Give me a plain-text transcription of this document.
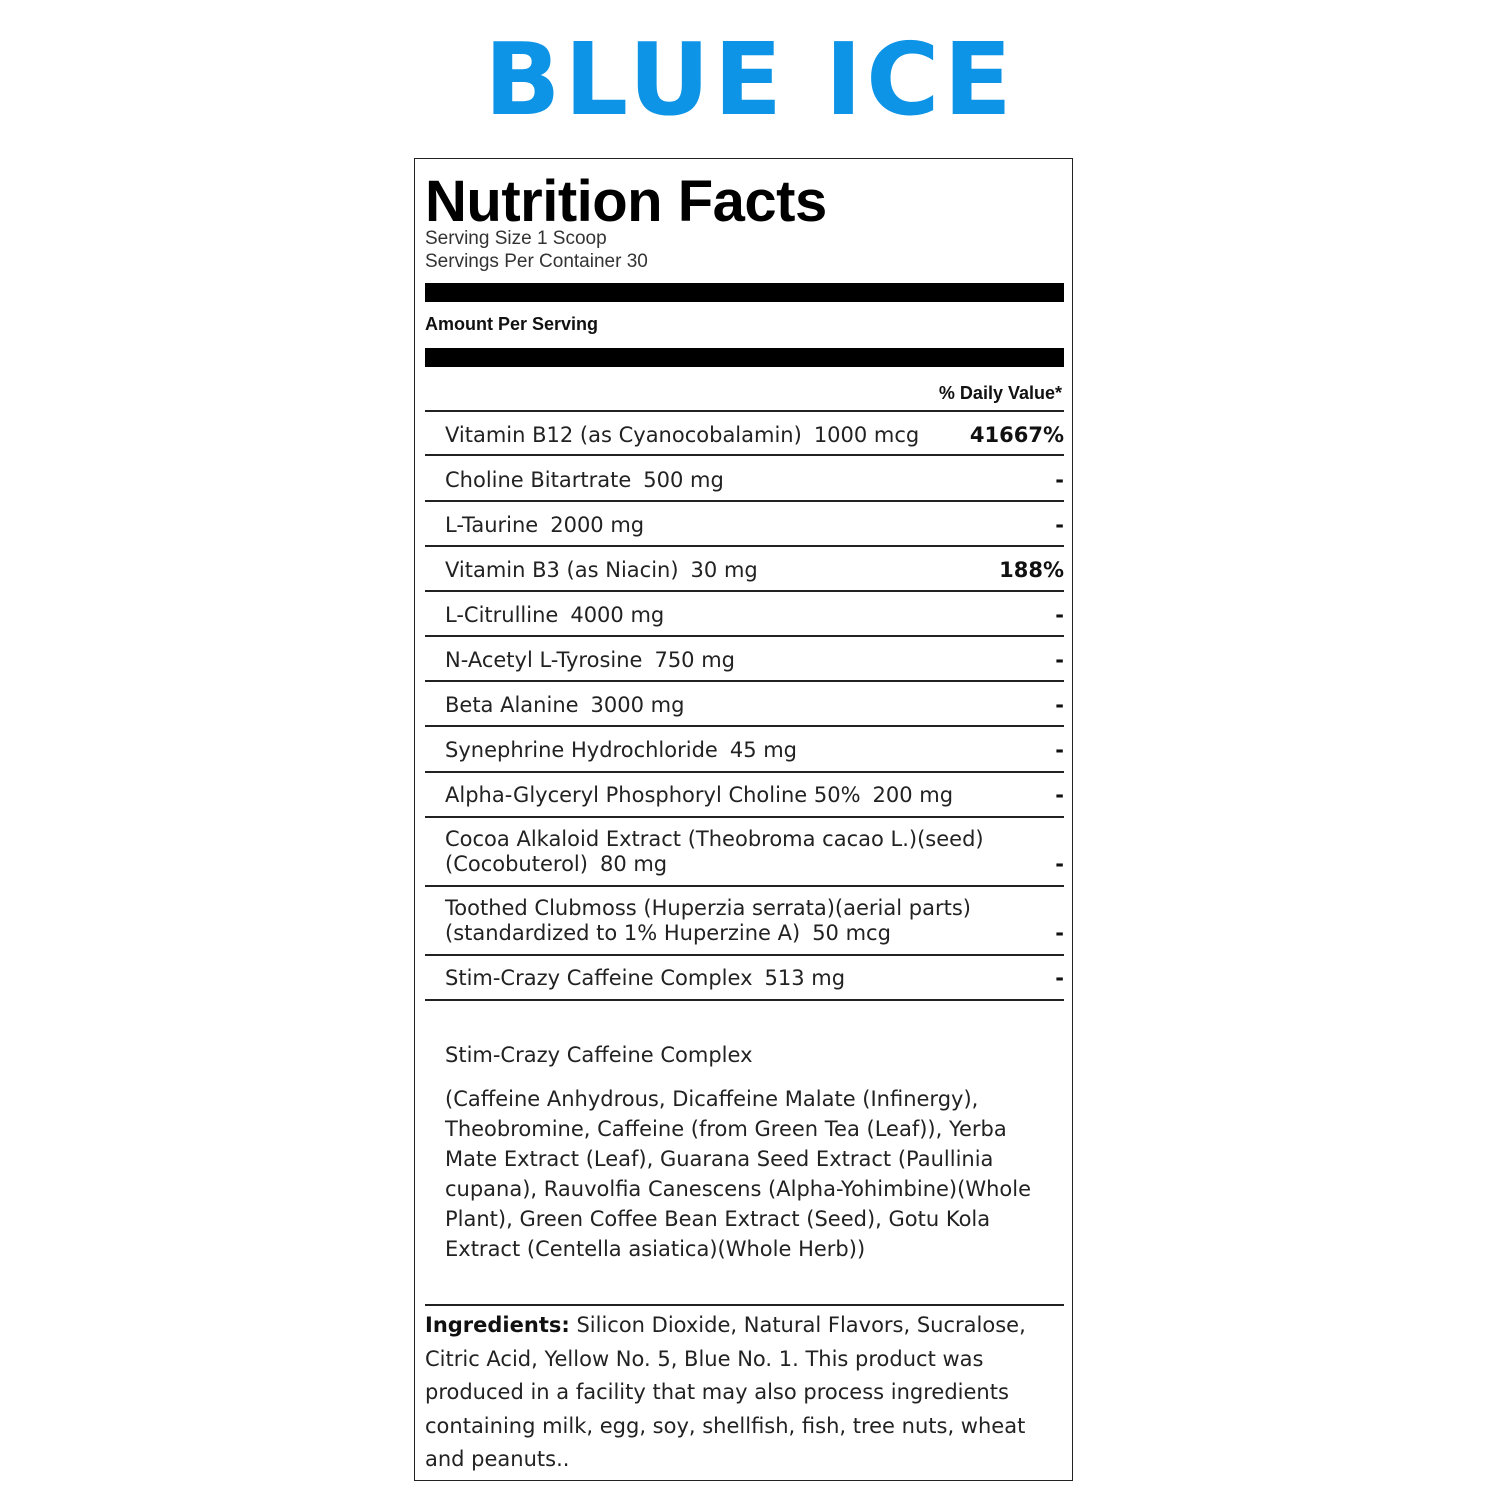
BLUE ICE
Nutrition Facts
Serving Size 1 Scoop
Servings Per Container 30
Amount Per Serving
% Daily Value*
Vitamin B12 (as Cyanocobalamin) 1000 mcg 41667%
Choline Bitartrate 500 mg	-
L-Taurine 2000 mg	-
Vitamin B3 (as Niacin) 30 mg	188%
L-Citrulline 4000 mg	-
N-Acetyl L-Tyrosine 750 mg	-
Beta Alanine 3000 mg	-
Synephrine Hydrochloride 45 mg	-
Alpha-Glyceryl Phosphoryl Choline 50% 200 mg	-
Cocoa Alkaloid Extract (Theobroma cacao L.)(seed)
(Cocobuterol) 80 mg	-
Toothed Clubmoss (Huperzia serrata)(aerial parts)
(standardized to 1% Huperzine A) 50 mcg	-
Stim-Crazy Caffeine Complex 513 mg	-
Stim-Crazy Caffeine Complex
(Caffeine Anhydrous, Dicaffeine Malate (Infinergy), Theobromine, Caffeine (from Green Tea (Leaf)), Yerba Mate Extract (Leaf), Guarana Seed Extract (Paullinia cupana), Rauvolfia Canescens (Alpha-Yohimbine)(Whole Plant), Green Coffee Bean Extract (Seed), Gotu Kola Extract (Centella asiatica)(Whole Herb))
Ingredients: Silicon Dioxide, Natural Flavors, Sucralose, Citric Acid, Yellow No. 5, Blue No. 1. This product was produced in a facility that may also process ingredients containing milk, egg, soy, shellfish, fish, tree nuts, wheat and peanuts..
